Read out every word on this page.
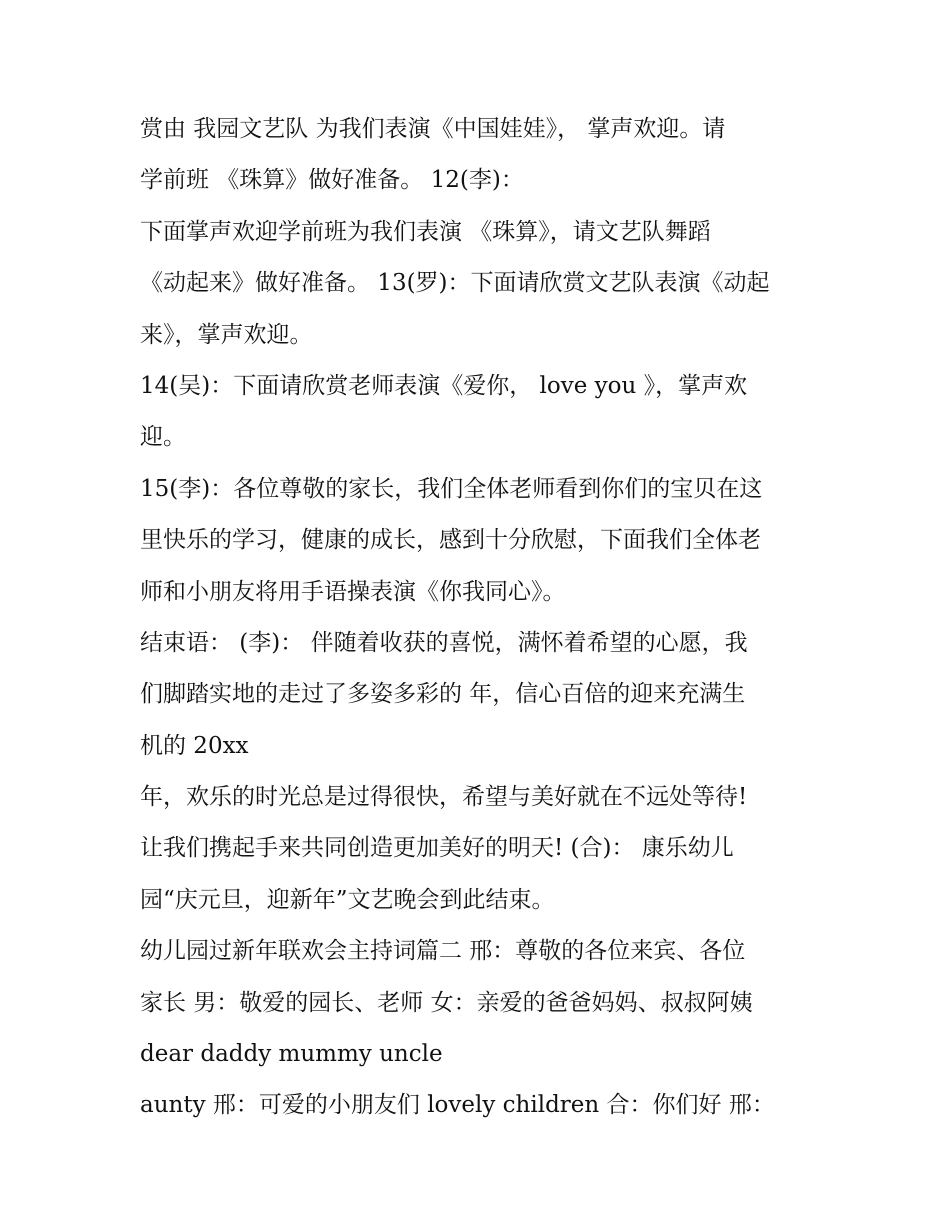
赏由 我园文艺队 为我们表演《中国娃娃》， 掌声欢迎。请
学前班 《珠算》做好准备。 12(李)：
下面掌声欢迎学前班为我们表演 《珠算》，请文艺队舞蹈
《动起来》做好准备。 13(罗)：下面请欣赏文艺队表演《动起
来》，掌声欢迎。
14(吴)：下面请欣赏老师表演《爱你， love you 》，掌声欢
迎。
15(李)：各位尊敬的家长，我们全体老师看到你们的宝贝在这
里快乐的学习，健康的成长，感到十分欣慰，下面我们全体老
师和小朋友将用手语操表演《你我同心》。
结束语： (李)： 伴随着收获的喜悦，满怀着希望的心愿，我
们脚踏实地的走过了多姿多彩的 年，信心百倍的迎来充满生
机的 20xx
年，欢乐的时光总是过得很快，希望与美好就在不远处等待!
让我们携起手来共同创造更加美好的明天! (合)： 康乐幼儿
园“庆元旦，迎新年”文艺晚会到此结束。
幼儿园过新年联欢会主持词篇二 邢：尊敬的各位来宾、各位
家长 男：敬爱的园长、老师 女：亲爱的爸爸妈妈、叔叔阿姨
dear daddy mummy uncle
aunty 邢：可爱的小朋友们 lovely children 合：你们好 邢：
